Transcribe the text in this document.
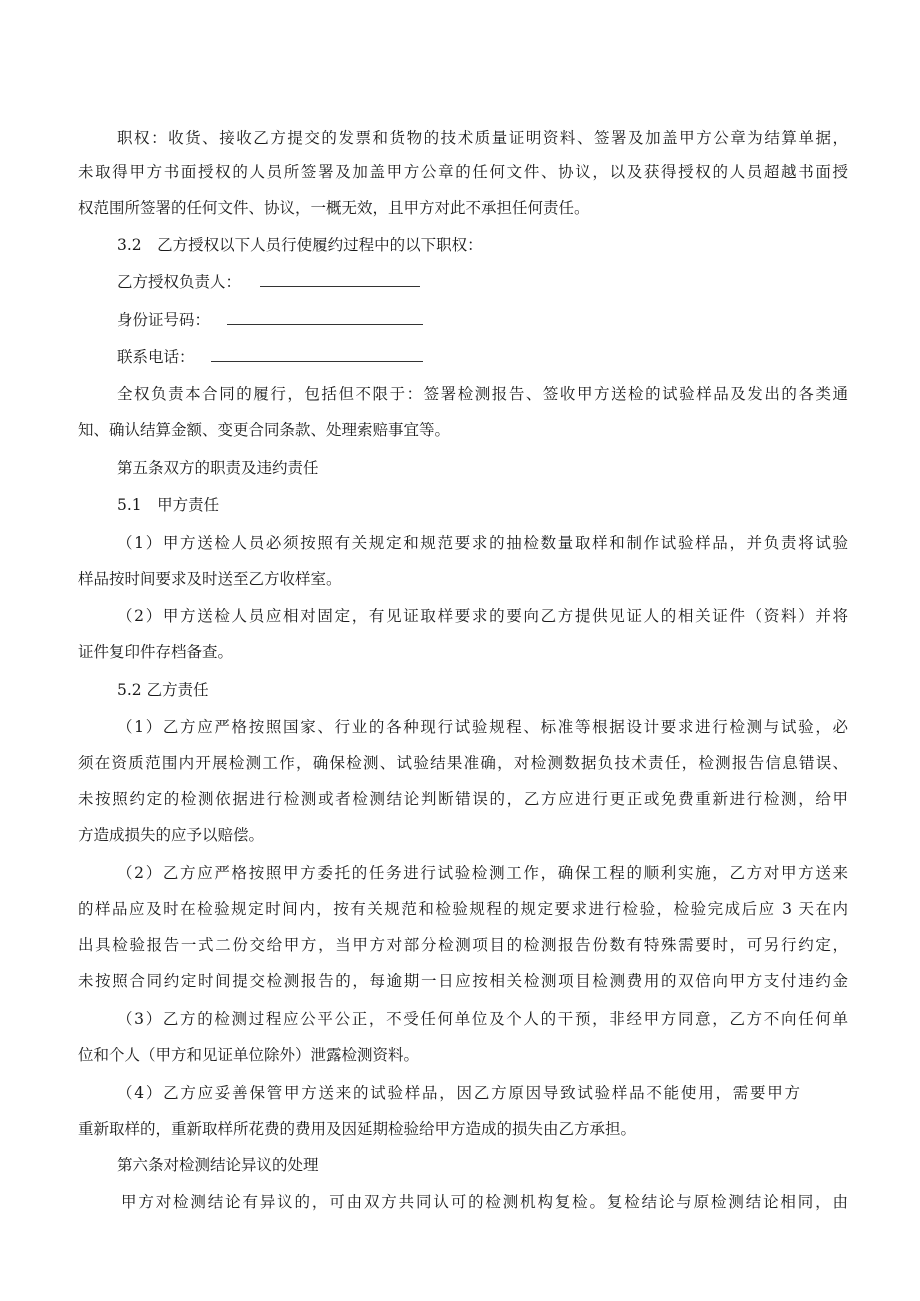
职权：收货、接收乙方提交的发票和货物的技术质量证明资料、签署及加盖甲方公章为结算单据，

未取得甲方书面授权的人员所签署及加盖甲方公章的任何文件、协议，以及获得授权的人员超越书面授

权范围所签署的任何文件、协议，一概无效，且甲方对此不承担任何责任。

3.2　乙方授权以下人员行使履约过程中的以下职权：

乙方授权负责人：
身份证号码：
联系电话：

全权负责本合同的履行，包括但不限于：签署检测报告、签收甲方送检的试验样品及发出的各类通

知、确认结算金额、变更合同条款、处理索赔事宜等。

第五条双方的职责及违约责任

5.1　甲方责任

（1）甲方送检人员必须按照有关规定和规范要求的抽检数量取样和制作试验样品，并负责将试验

样品按时间要求及时送至乙方收样室。

（2）甲方送检人员应相对固定，有见证取样要求的要向乙方提供见证人的相关证件（资料）并将

证件复印件存档备查。

5.2 乙方责任

（1）乙方应严格按照国家、行业的各种现行试验规程、标准等根据设计要求进行检测与试验，必

须在资质范围内开展检测工作，确保检测、试验结果准确，对检测数据负技术责任，检测报告信息错误、

未按照约定的检测依据进行检测或者检测结论判断错误的，乙方应进行更正或免费重新进行检测，给甲

方造成损失的应予以赔偿。

（2）乙方应严格按照甲方委托的任务进行试验检测工作，确保工程的顺利实施，乙方对甲方送来

的样品应及时在检验规定时间内，按有关规范和检验规程的规定要求进行检验，检验完成后应 3 天在内

出具检验报告一式二份交给甲方，当甲方对部分检测项目的检测报告份数有特殊需要时，可另行约定，

未按照合同约定时间提交检测报告的，每逾期一日应按相关检测项目检测费用的双倍向甲方支付违约金

（3）乙方的检测过程应公平公正，不受任何单位及个人的干预，非经甲方同意，乙方不向任何单

位和个人（甲方和见证单位除外）泄露检测资料。

（4）乙方应妥善保管甲方送来的试验样品，因乙方原因导致试验样品不能使用，需要甲方

重新取样的，重新取样所花费的费用及因延期检验给甲方造成的损失由乙方承担。

第六条对检测结论异议的处理

甲方对检测结论有异议的，可由双方共同认可的检测机构复检。复检结论与原检测结论相同，由
